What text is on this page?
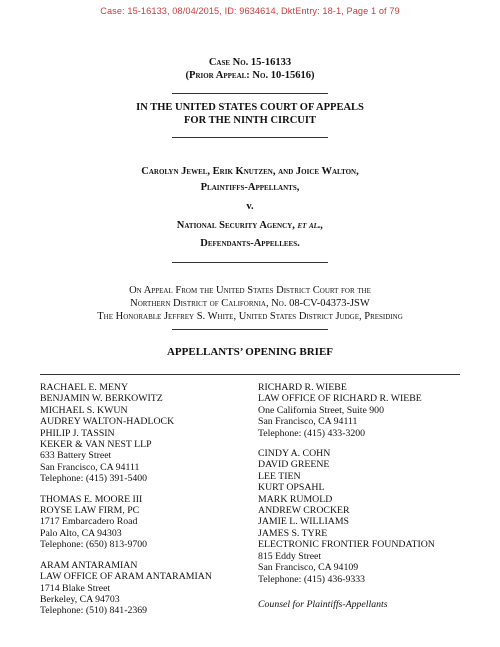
Case: 15-16133, 08/04/2015, ID: 9634614, DktEntry: 18-1, Page 1 of 79
Case No. 15-16133
(Prior Appeal: No. 10-15616)
IN THE UNITED STATES COURT OF APPEALS
FOR THE NINTH CIRCUIT
Carolyn Jewel, Erik Knutzen, and Joice Walton,
Plaintiffs-Appellants,
v.
National Security Agency, et al.,
Defendants-Appellees.
On Appeal From the United States District Court for the
Northern District of California, No. 08-CV-04373-JSW
The Honorable Jeffrey S. White, United States District Judge, Presiding
APPELLANTS’ OPENING BRIEF
RACHAEL E. MENY
BENJAMIN W. BERKOWITZ
MICHAEL S. KWUN
AUDREY WALTON-HADLOCK
PHILIP J. TASSIN
KEKER & VAN NEST LLP
633 Battery Street
San Francisco, CA 94111
Telephone: (415) 391-5400
THOMAS E. MOORE III
ROYSE LAW FIRM, PC
1717 Embarcadero Road
Palo Alto, CA 94303
Telephone: (650) 813-9700
ARAM ANTARAMIAN
LAW OFFICE OF ARAM ANTARAMIAN
1714 Blake Street
Berkeley, CA 94703
Telephone: (510) 841-2369
RICHARD R. WIEBE
LAW OFFICE OF RICHARD R. WIEBE
One California Street, Suite 900
San Francisco, CA 94111
Telephone: (415) 433-3200
CINDY A. COHN
DAVID GREENE
LEE TIEN
KURT OPSAHL
MARK RUMOLD
ANDREW CROCKER
JAMIE L. WILLIAMS
JAMES S. TYRE
ELECTRONIC FRONTIER FOUNDATION
815 Eddy Street
San Francisco, CA 94109
Telephone: (415) 436-9333
Counsel for Plaintiffs-Appellants
